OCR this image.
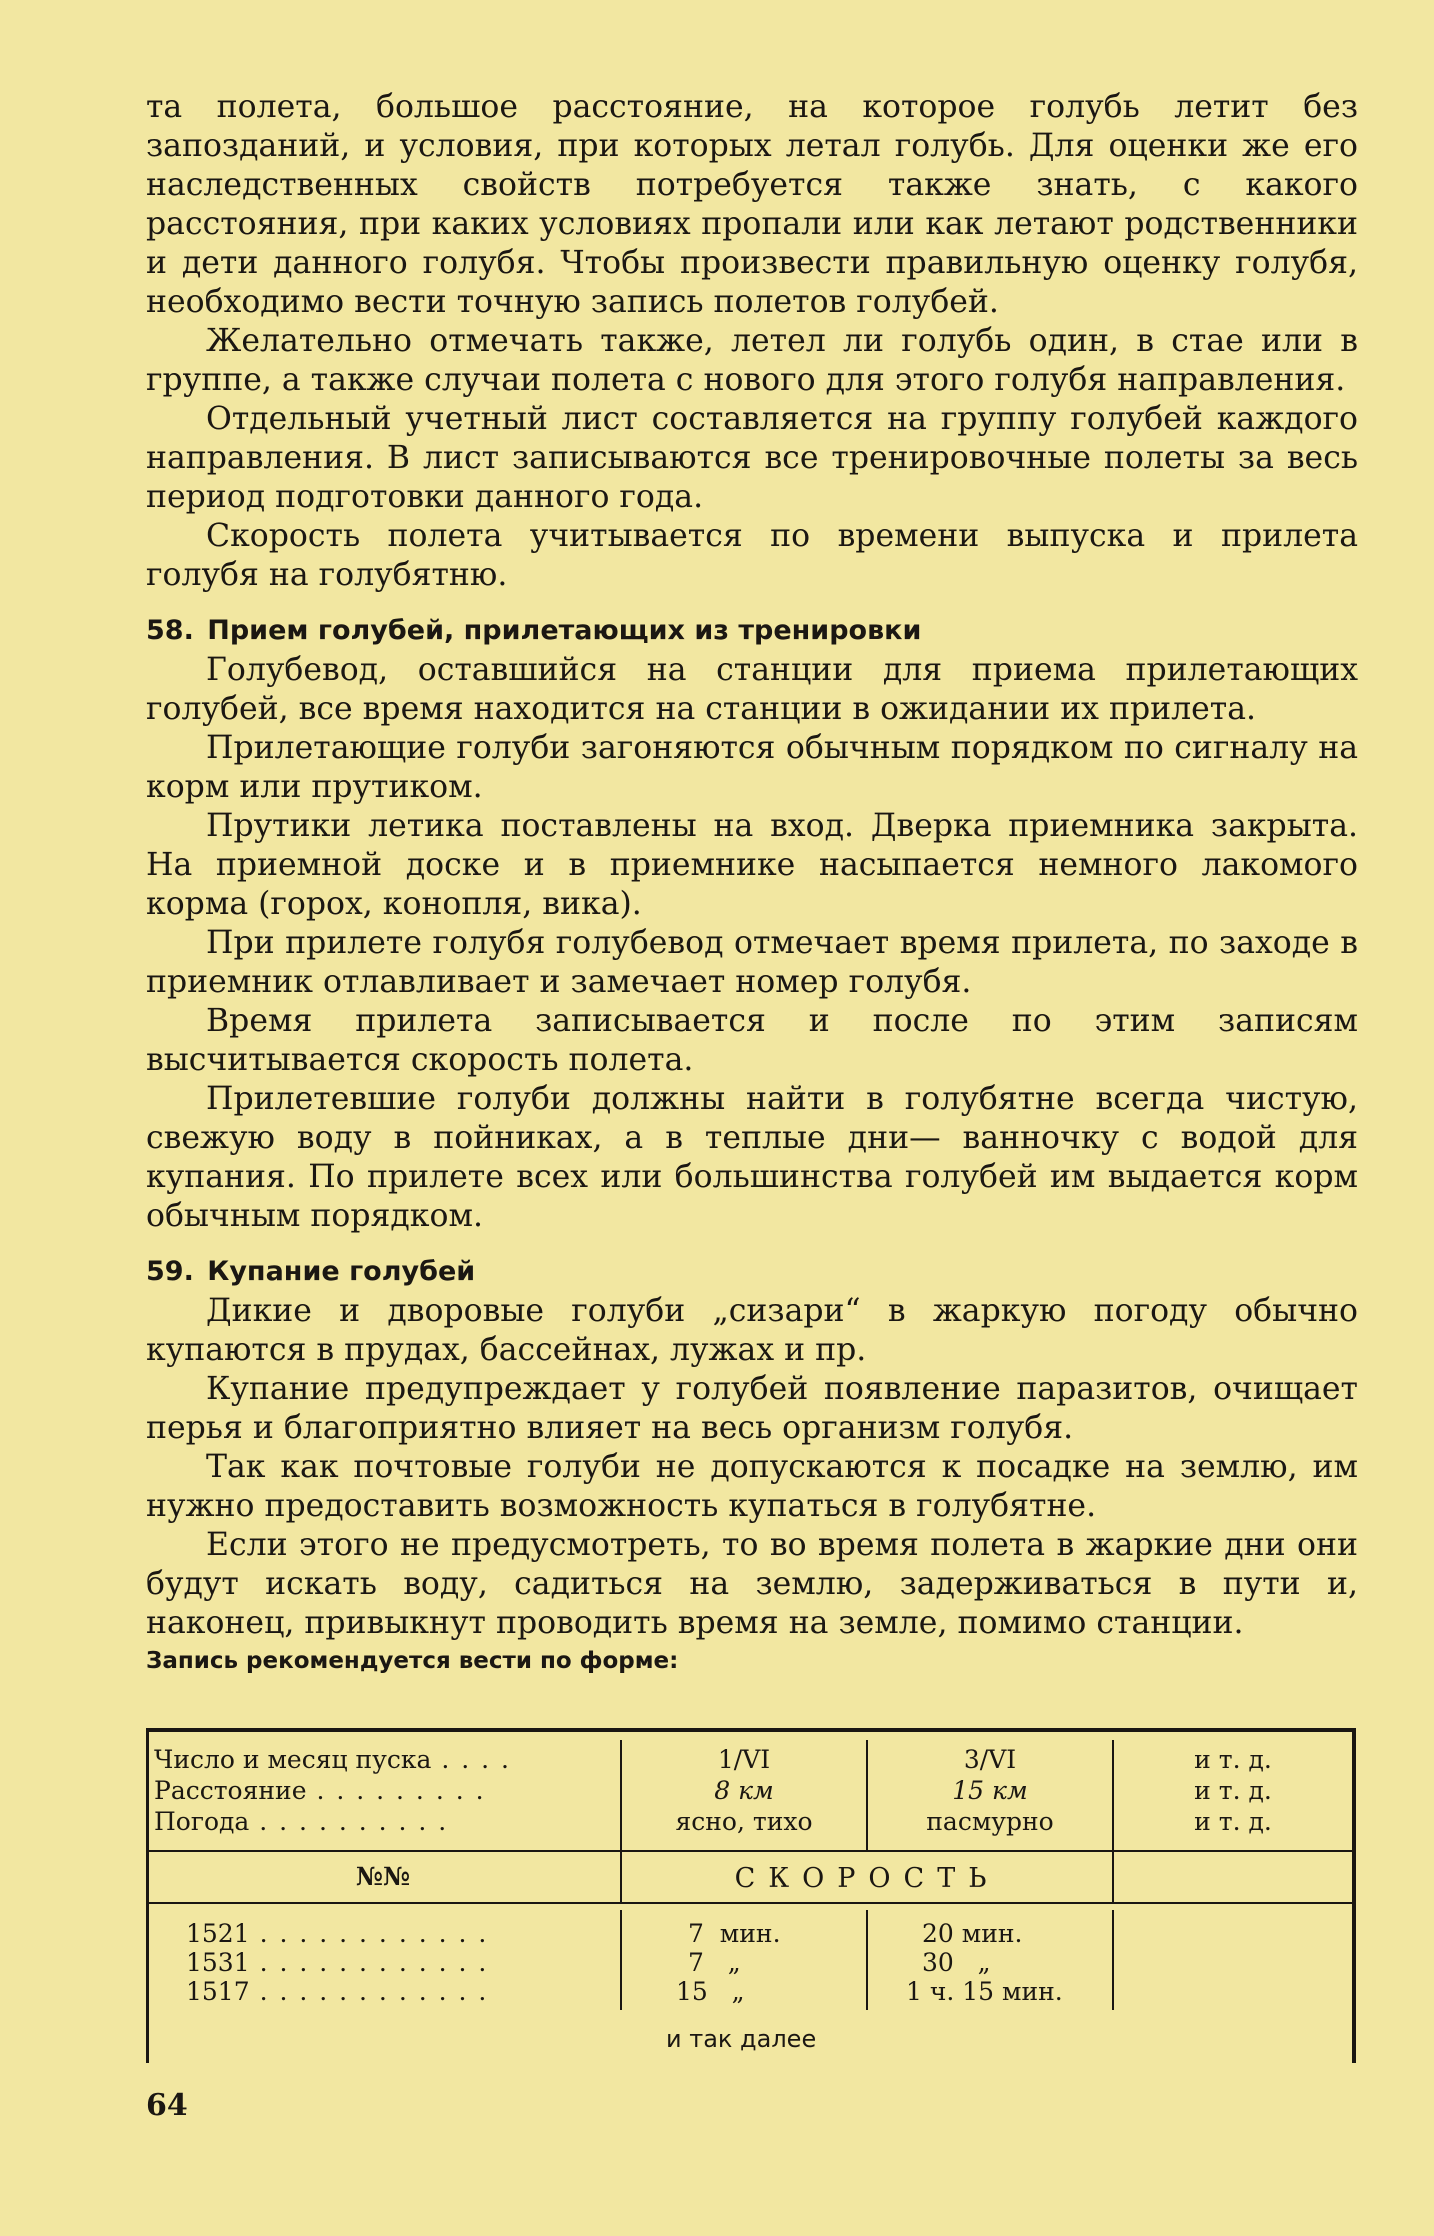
та полета, большое расстояние, на которое голубь летит без запозданий, и условия, при которых летал голубь. Для оценки же его наследственных свойств потребуется также знать, с какого расстояния, при каких условиях пропали или как летают родственники и дети данного голубя. Чтобы произвести правильную оценку голубя, необходимо вести точную запись полетов голубей.

Желательно отмечать также, летел ли голубь один, в стае или в группе, а также случаи полета с нового для этого голубя направления.

Отдельный учетный лист составляется на группу голубей каждого направления. В лист записываются все тренировочные полеты за весь период подготовки данного года.

Скорость полета учитывается по времени выпуска и прилета голубя на голубятню.

58. Прием голубей, прилетающих из тренировки

Голубевод, оставшийся на станции для приема прилетающих голубей, все время находится на станции в ожидании их прилета.

Прилетающие голуби загоняются обычным порядком по сигналу на корм или прутиком.

Прутики летика поставлены на вход. Дверка приемника закрыта. На приемной доске и в приемнике насыпается немного лакомого корма (горох, конопля, вика).

При прилете голубя голубевод отмечает время прилета, по заходе в приемник отлавливает и замечает номер голубя.

Время прилета записывается и после по этим записям высчитывается скорость полета.

Прилетевшие голуби должны найти в голубятне всегда чистую, свежую воду в пойниках, а в теплые дни— ванночку с водой для купания. По прилете всех или большинства голубей им выдается корм обычным порядком.

59. Купание голубей

Дикие и дворовые голуби „сизари“ в жаркую погоду обычно купаются в прудах, бассейнах, лужах и пр.

Купание предупреждает у голубей появление паразитов, очищает перья и благоприятно влияет на весь организм голубя.

Так как почтовые голуби не допускаются к посадке на землю, им нужно предоставить возможность купаться в голубятне.

Если этого не предусмотреть, то во время полета в жаркие дни они будут искать воду, садиться на землю, задерживаться в пути и, наконец, привыкнут проводить время на земле, помимо станции.

Запись рекомендуется вести по форме:
Число и месяц пуска . . . .
Расстояние . . . . . . . . .
Погода . . . . . . . . . .
1/VI
8 км
ясно, тихо
3/VI
15 км
пасмурно
и т. д.
и т. д.
и т. д.
№№	СКОРОСТЬ
1521 . . . . . . . . . . . .
1531 . . . . . . . . . . . .
1517 . . . . . . . . . . . .
7  мин.
7   „
15   „
20 мин.
30   „
1 ч. 15 мин.
и так далее
64
